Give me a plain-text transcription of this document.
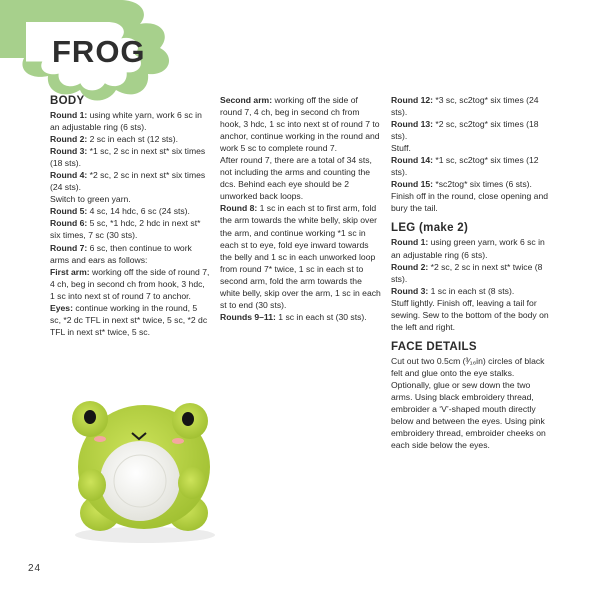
FROG
BODY

Round 1: using white yarn, work 6 sc in an adjustable ring (6 sts).

Round 2: 2 sc in each st (12 sts).

Round 3: *1 sc, 2 sc in next st* six times (18 sts).

Round 4: *2 sc, 2 sc in next st* six times (24 sts).

Switch to green yarn.

Round 5: 4 sc, 14 hdc, 6 sc (24 sts).

Round 6: 5 sc, *1 hdc, 2 hdc in next st* six times, 7 sc (30 sts).

Round 7: 6 sc, then continue to work arms and ears as follows:

First arm: working off the side of round 7, 4 ch, beg in second ch from hook, 3 hdc, 1 sc into next st of round 7 to anchor.

Eyes: continue working in the round, 5 sc, *2 dc TFL in next st* twice, 5 sc, *2 dc TFL in next st* twice, 5 sc.

Second arm: working off the side of round 7, 4 ch, beg in second ch from hook, 3 hdc, 1 sc into next st of round 7 to anchor, continue working in the round and work 5 sc to complete round 7.

After round 7, there are a total of 34 sts, not including the arms and counting the dcs. Behind each eye should be 2 unworked back loops.

Round 8: 1 sc in each st to first arm, fold the arm towards the white belly, skip over the arm, and continue working *1 sc in each st to eye, fold eye inward towards the belly and 1 sc in each unworked loop from round 7* twice, 1 sc in each st to second arm, fold the arm towards the white belly, skip over the arm, 1 sc in each st to end (30 sts).

Rounds 9–11: 1 sc in each st (30 sts).

Round 12: *3 sc, sc2tog* six times (24 sts).

Round 13: *2 sc, sc2tog* six times (18 sts).

Stuff.

Round 14: *1 sc, sc2tog* six times (12 sts).

Round 15: *sc2tog* six times (6 sts). Finish off in the round, close opening and bury the tail.

LEG (make 2)

Round 1: using green yarn, work 6 sc in an adjustable ring (6 sts).

Round 2: *2 sc, 2 sc in next st* twice (8 sts).

Round 3: 1 sc in each st (8 sts).

Stuff lightly. Finish off, leaving a tail for sewing. Sew to the bottom of the body on the left and right.

FACE DETAILS

Cut out two 0.5cm (³⁄₁₆in) circles of black felt and glue onto the eye stalks. Optionally, glue or sew down the two arms. Using black embroidery thread, embroider a ‘V’-shaped mouth directly below and between the eyes. Using pink embroidery thread, embroider cheeks on each side below the eyes.

24
